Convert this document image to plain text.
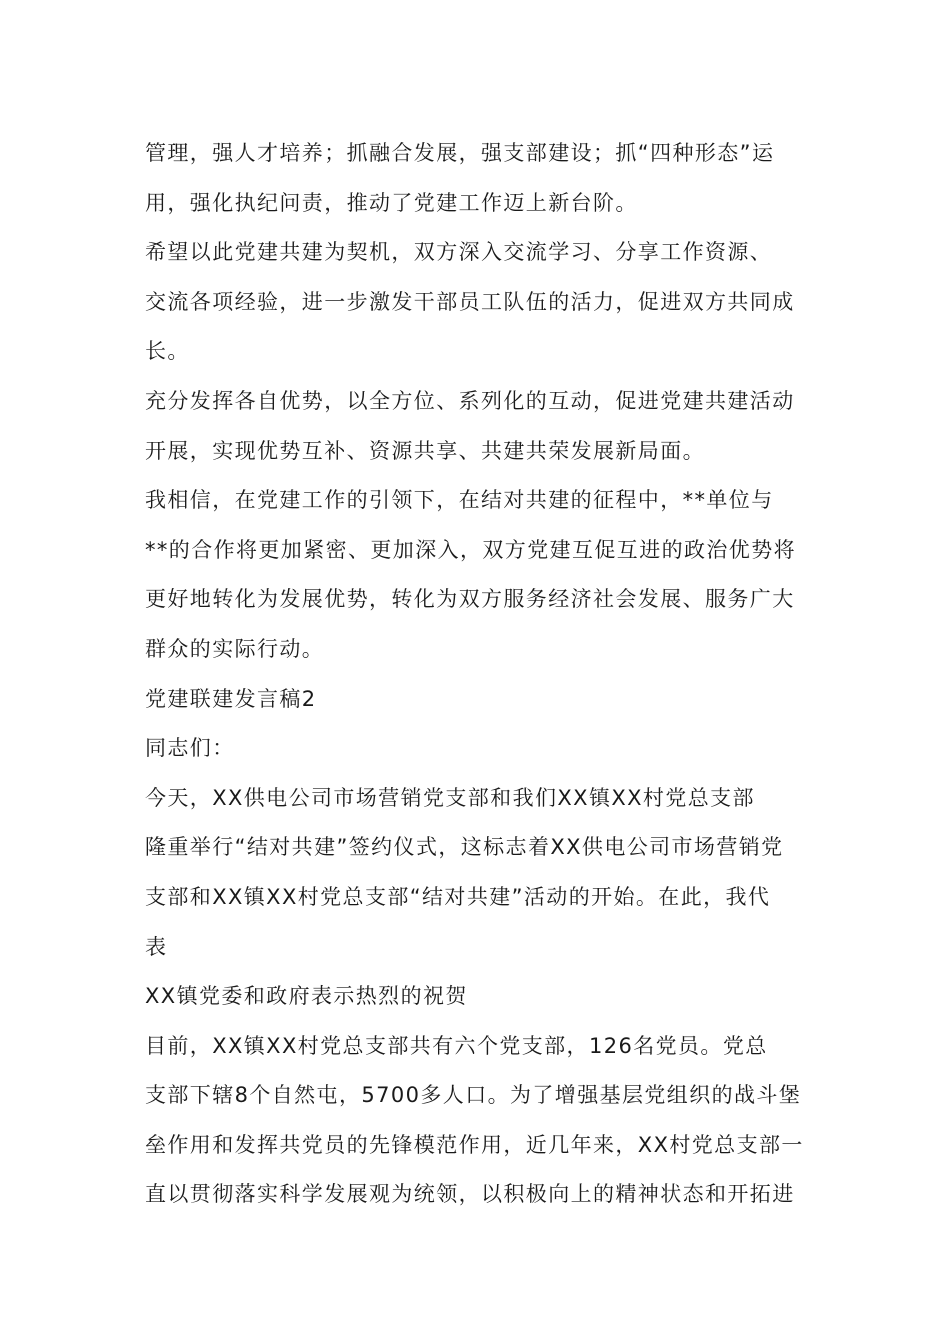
管理，强人才培养；抓融合发展，强支部建设；抓“四种形态”运
用，强化执纪问责，推动了党建工作迈上新台阶。
希望以此党建共建为契机，双方深入交流学习、分享工作资源、
交流各项经验，进一步激发干部员工队伍的活力，促进双方共同成
长。
充分发挥各自优势，以全方位、系列化的互动，促进党建共建活动
开展，实现优势互补、资源共享、共建共荣发展新局面。
我相信，在党建工作的引领下，在结对共建的征程中，**单位与
**的合作将更加紧密、更加深入，双方党建互促互进的政治优势将
更好地转化为发展优势，转化为双方服务经济社会发展、服务广大
群众的实际行动。
党建联建发言稿2
同志们：
今天，XX供电公司市场营销党支部和我们XX镇XX村党总支部
隆重举行“结对共建”签约仪式，这标志着XX供电公司市场营销党
支部和XX镇XX村党总支部“结对共建”活动的开始。在此，我代
表
XX镇党委和政府表示热烈的祝贺
目前，XX镇XX村党总支部共有六个党支部，126名党员。党总
支部下辖8个自然屯，5700多人口。为了增强基层党组织的战斗堡
垒作用和发挥共党员的先锋模范作用，近几年来，XX村党总支部一
直以贯彻落实科学发展观为统领，以积极向上的精神状态和开拓进
